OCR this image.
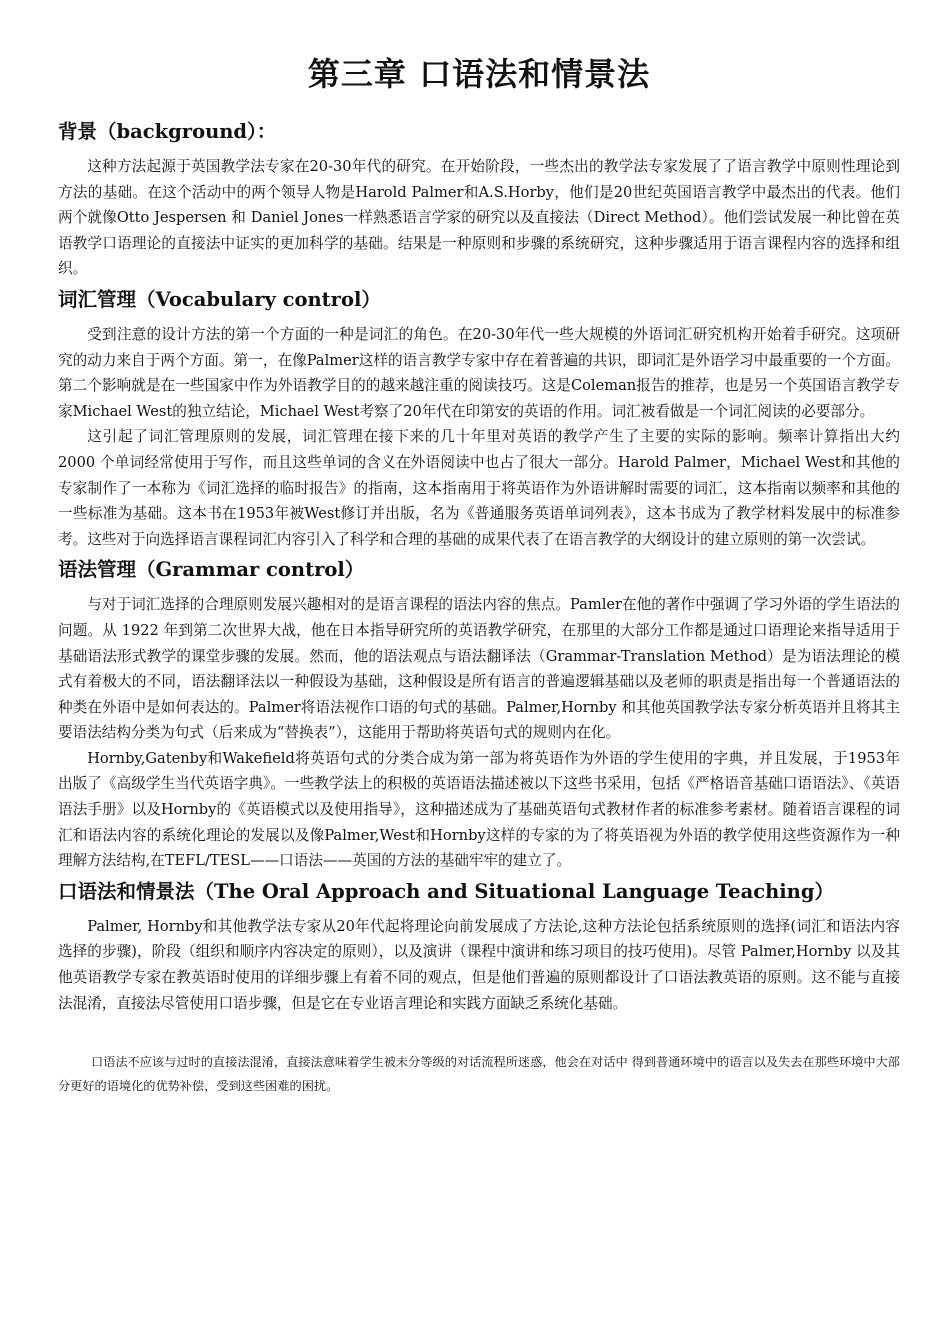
第三章 口语法和情景法
背景（background）：

这种方法起源于英国教学法专家在20-30年代的研究。在开始阶段，一些杰出的教学法专家发展了了语言教学中原则性理论到方法的基础。在这个活动中的两个领导人物是Harold Palmer和A.S.Horby，他们是20世纪英国语言教学中最杰出的代表。他们两个就像Otto Jespersen 和 Daniel Jones一样熟悉语言学家的研究以及直接法（Direct Method）。他们尝试发展一种比曾在英语教学口语理论的直接法中证实的更加科学的基础。结果是一种原则和步骤的系统研究，这种步骤适用于语言课程内容的选择和组织。

词汇管理（Vocabulary control）

受到注意的设计方法的第一个方面的一种是词汇的角色。在20-30年代一些大规模的外语词汇研究机构开始着手研究。这项研究的动力来自于两个方面。第一，在像Palmer这样的语言教学专家中存在着普遍的共识，即词汇是外语学习中最重要的一个方面。第二个影响就是在一些国家中作为外语教学目的的越来越注重的阅读技巧。这是Coleman报告的推荐，也是另一个英国语言教学专家Michael West的独立结论，Michael West考察了20年代在印第安的英语的作用。词汇被看做是一个词汇阅读的必要部分。

这引起了词汇管理原则的发展，词汇管理在接下来的几十年里对英语的教学产生了主要的实际的影响。频率计算指出大约 2000 个单词经常使用于写作，而且这些单词的含义在外语阅读中也占了很大一部分。Harold Palmer，Michael West和其他的专家制作了一本称为《词汇选择的临时报告》的指南，这本指南用于将英语作为外语讲解时需要的词汇，这本指南以频率和其他的一些标准为基础。这本书在1953年被West修订并出版，名为《普通服务英语单词列表》，这本书成为了教学材料发展中的标准参考。这些对于向选择语言课程词汇内容引入了科学和合理的基础的成果代表了在语言教学的大纲设计的建立原则的第一次尝试。

语法管理（Grammar control）

与对于词汇选择的合理原则发展兴趣相对的是语言课程的语法内容的焦点。Pamler在他的著作中强调了学习外语的学生语法的问题。从 1922 年到第二次世界大战，他在日本指导研究所的英语教学研究，在那里的大部分工作都是通过口语理论来指导适用于基础语法形式教学的课堂步骤的发展。然而，他的语法观点与语法翻译法（Grammar-Translation Method）是为语法理论的模式有着极大的不同，语法翻译法以一种假设为基础，这种假设是所有语言的普遍逻辑基础以及老师的职责是指出每一个普通语法的种类在外语中是如何表达的。Palmer将语法视作口语的句式的基础。Palmer,Hornby 和其他英国教学法专家分析英语并且将其主要语法结构分类为句式（后来成为“替换表”），这能用于帮助将英语句式的规则内在化。

Hornby,Gatenby和Wakefield将英语句式的分类合成为第一部为将英语作为外语的学生使用的字典，并且发展，于1953年出版了《高级学生当代英语字典》。一些教学法上的积极的英语语法描述被以下这些书采用，包括《严格语音基础口语语法》、《英语语法手册》以及Hornby的《英语模式以及使用指导》，这种描述成为了基础英语句式教材作者的标准参考素材。随着语言课程的词汇和语法内容的系统化理论的发展以及像Palmer,West和Hornby这样的专家的为了将英语视为外语的教学使用这些资源作为一种理解方法结构,在TEFL/TESL——口语法——英国的方法的基础牢牢的建立了。

口语法和情景法（The Oral Approach and Situational Language Teaching）

Palmer, Hornby和其他教学法专家从20年代起将理论向前发展成了方法论,这种方法论包括系统原则的选择(词汇和语法内容选择的步骤)，阶段（组织和顺序内容决定的原则），以及演讲（课程中演讲和练习项目的技巧使用)。尽管 Palmer,Hornby 以及其他英语教学专家在教英语时使用的详细步骤上有着不同的观点，但是他们普遍的原则都设计了口语法教英语的原则。这不能与直接法混淆，直接法尽管使用口语步骤，但是它在专业语言理论和实践方面缺乏系统化基础。

口语法不应该与过时的直接法混淆，直接法意味着学生被未分等级的对话流程所迷惑，他会在对话中 得到普通环境中的语言以及失去在那些环境中大部分更好的语境化的优势补偿，受到这些困难的困扰。
